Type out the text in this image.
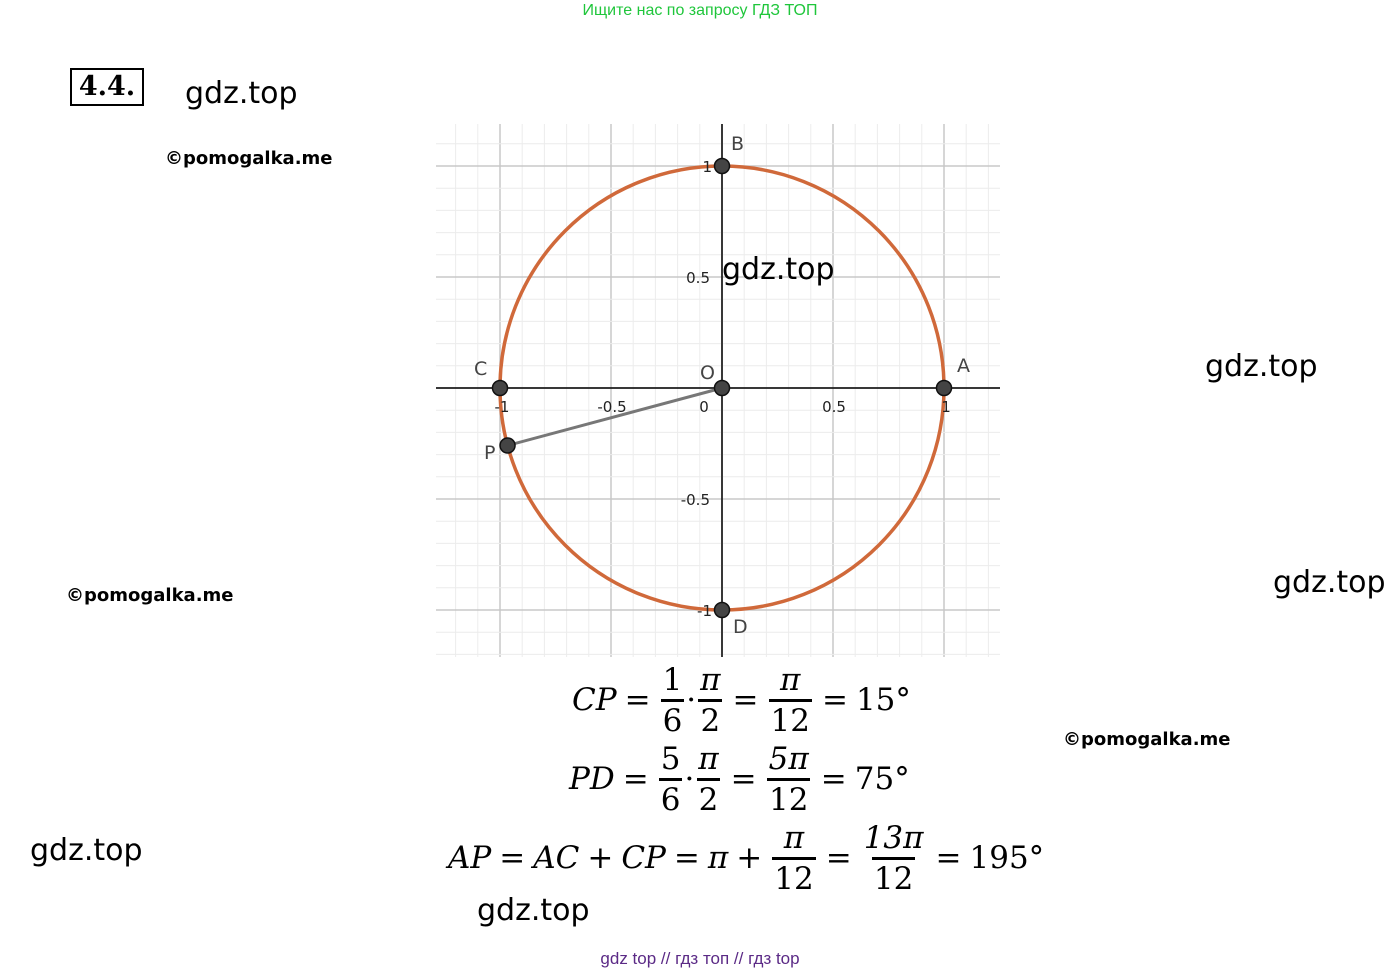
Ищите нас по запросу ГДЗ ТОП
4.4. gdz.top
©pomogalka.me
gdz.top
©pomogalka.me	gdz.top
©pomogalka.me
gdz.top
gdz.top
-1	-0.5	0	0.5	1
1
0.5
-0.5
-1
A
B
C
D
O
P
gdz.top
CP = $\frac{1}{6} \cdot \frac{\pi}{2} = \frac{\pi}{12} = 15^\circ$
PD = $\frac{5}{6} \cdot \frac{\pi}{2} = \frac{5\pi}{12} = 75^\circ$
AP = AC + CP = $\pi + \frac{\pi}{12} = \frac{13\pi}{12} = 195^\circ$
gdz top // гдз топ // гдз top
